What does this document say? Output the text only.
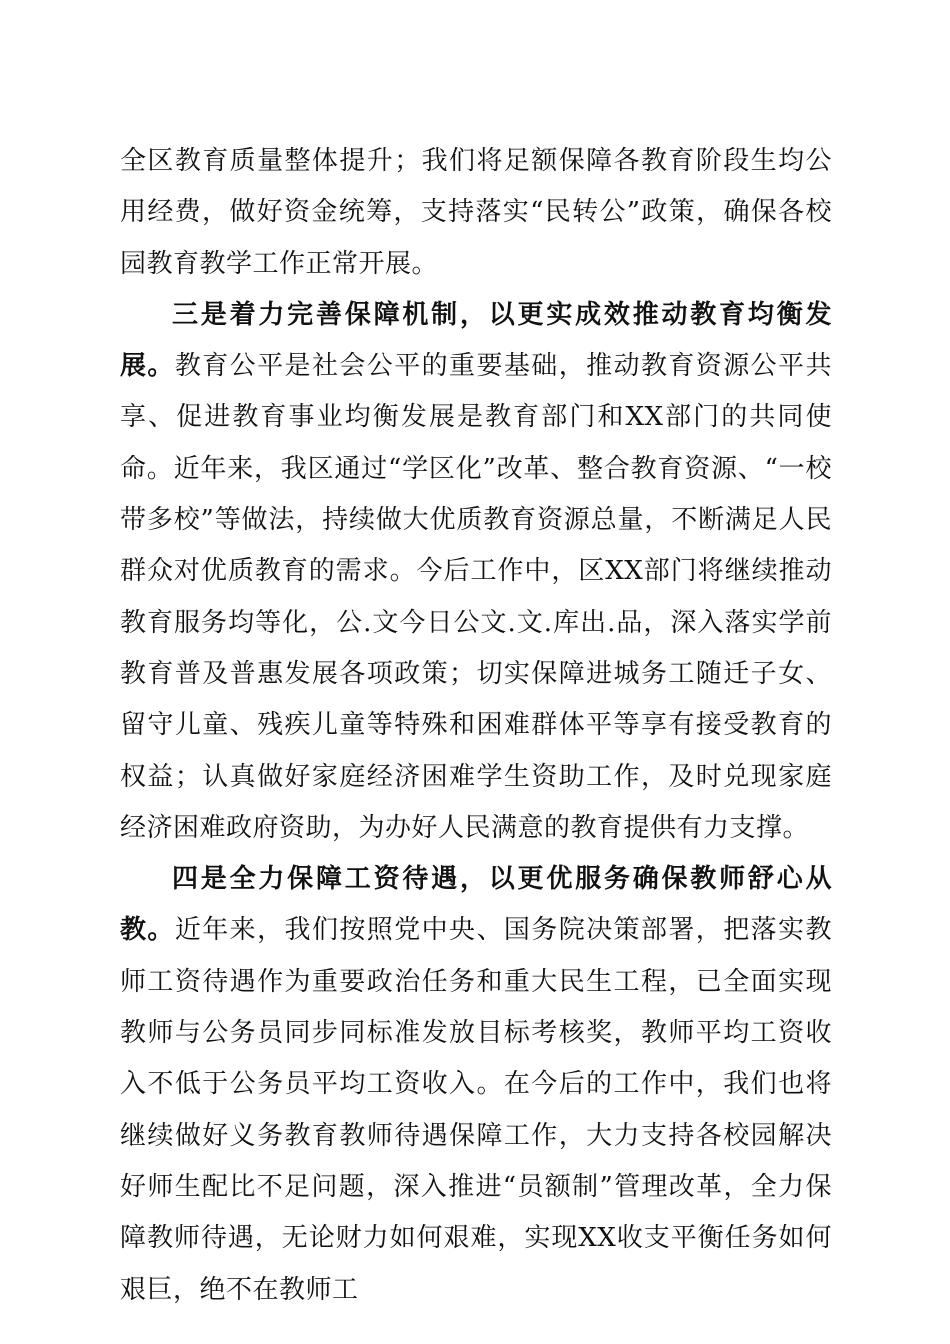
全区教育质量整体提升；我们将足额保障各教育阶段生均公用经费，做好资金统筹，支持落实“民转公”政策，确保各校园教育教学工作正常开展。

三是着力完善保障机制，以更实成效推动教育均衡发展。教育公平是社会公平的重要基础，推动教育资源公平共享、促进教育事业均衡发展是教育部门和XX部门的共同使命。近年来，我区通过“学区化”改革、整合教育资源、“一校带多校”等做法，持续做大优质教育资源总量，不断满足人民群众对优质教育的需求。今后工作中，区XX部门将继续推动教育服务均等化，公.文今日公文.文.库出.品，深入落实学前教育普及普惠发展各项政策；切实保障进城务工随迁子女、留守儿童、残疾儿童等特殊和困难群体平等享有接受教育的权益；认真做好家庭经济困难学生资助工作，及时兑现家庭经济困难政府资助，为办好人民满意的教育提供有力支撑。

四是全力保障工资待遇，以更优服务确保教师舒心从教。近年来，我们按照党中央、国务院决策部署，把落实教师工资待遇作为重要政治任务和重大民生工程，已全面实现教师与公务员同步同标准发放目标考核奖，教师平均工资收入不低于公务员平均工资收入。在今后的工作中，我们也将继续做好义务教育教师待遇保障工作，大力支持各校园解决好师生配比不足问题，深入推进“员额制”管理改革，全力保障教师待遇，无论财力如何艰难，实现XX收支平衡任务如何艰巨，绝不在教师工
